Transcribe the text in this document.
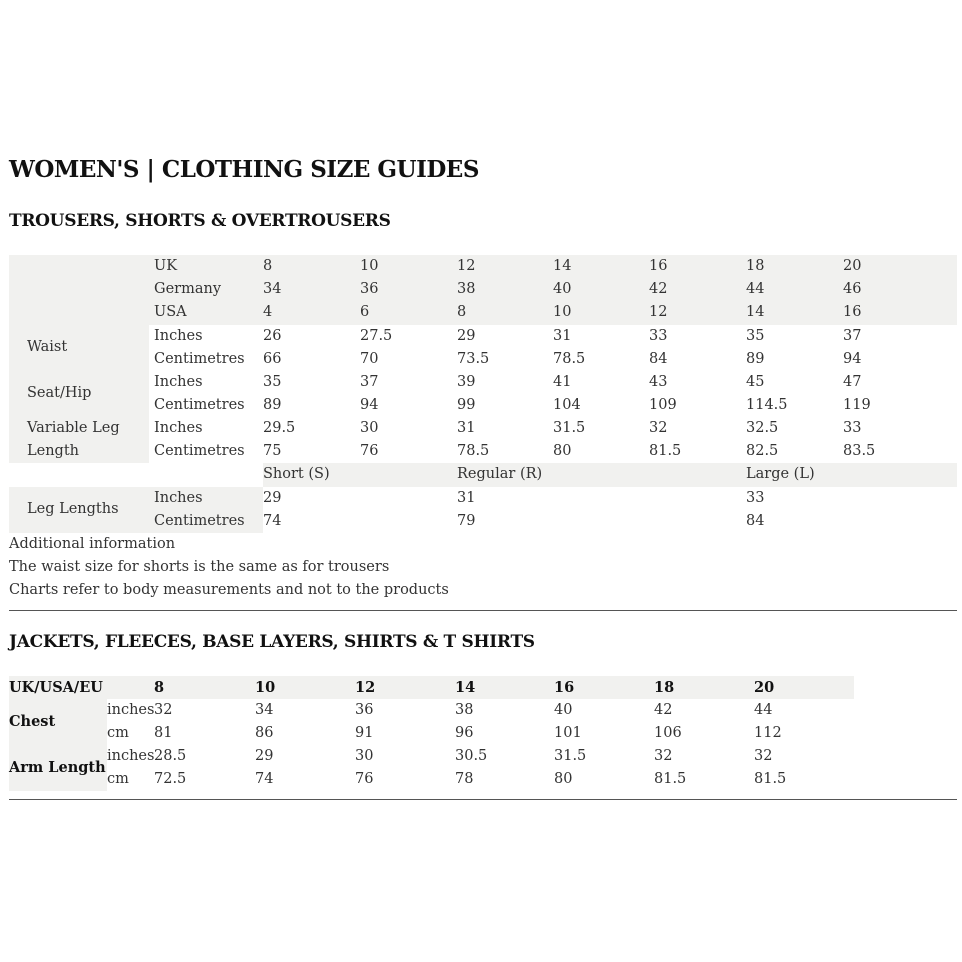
WOMEN'S | CLOTHING SIZE GUIDES
TROUSERS, SHORTS & OVERTROUSERS
UK	8	10	12	14	16	18	20
Germany	34	36	38	40	42	44	46
USA	4	6	8	10	12	14	16
Waist
Inches	26	27.5	29	31	33	35	37
Centimetres 66	70	73.5	78.5	84	89	94
Seat/Hip
Inches	35	37	39	41	43	45	47
Centimetres 89	94	99	104	109	114.5	119
Variable Leg
Length
Inches	29.5	30	31	31.5	32	32.5	33
Centimetres 75	76	78.5	80	81.5	82.5	83.5
Short (S)	Regular (R)	Large (L)
Leg Lengths
Inches	29	31	33
Centimetres 74	79	84
Additional information
The waist size for shorts is the same as for trousers
Charts refer to body measurements and not to the products
JACKETS, FLEECES, BASE LAYERS, SHIRTS & T SHIRTS
UK/USA/EU	8	10	12	14	16	18	20
Chest
inches 32	34	36	38	40	42	44
cm 81	86	91	96	101	106	112
Arm Length
inches 28.5	29	30	30.5	31.5	32	32
cm 72.5	74	76	78	80	81.5	81.5
